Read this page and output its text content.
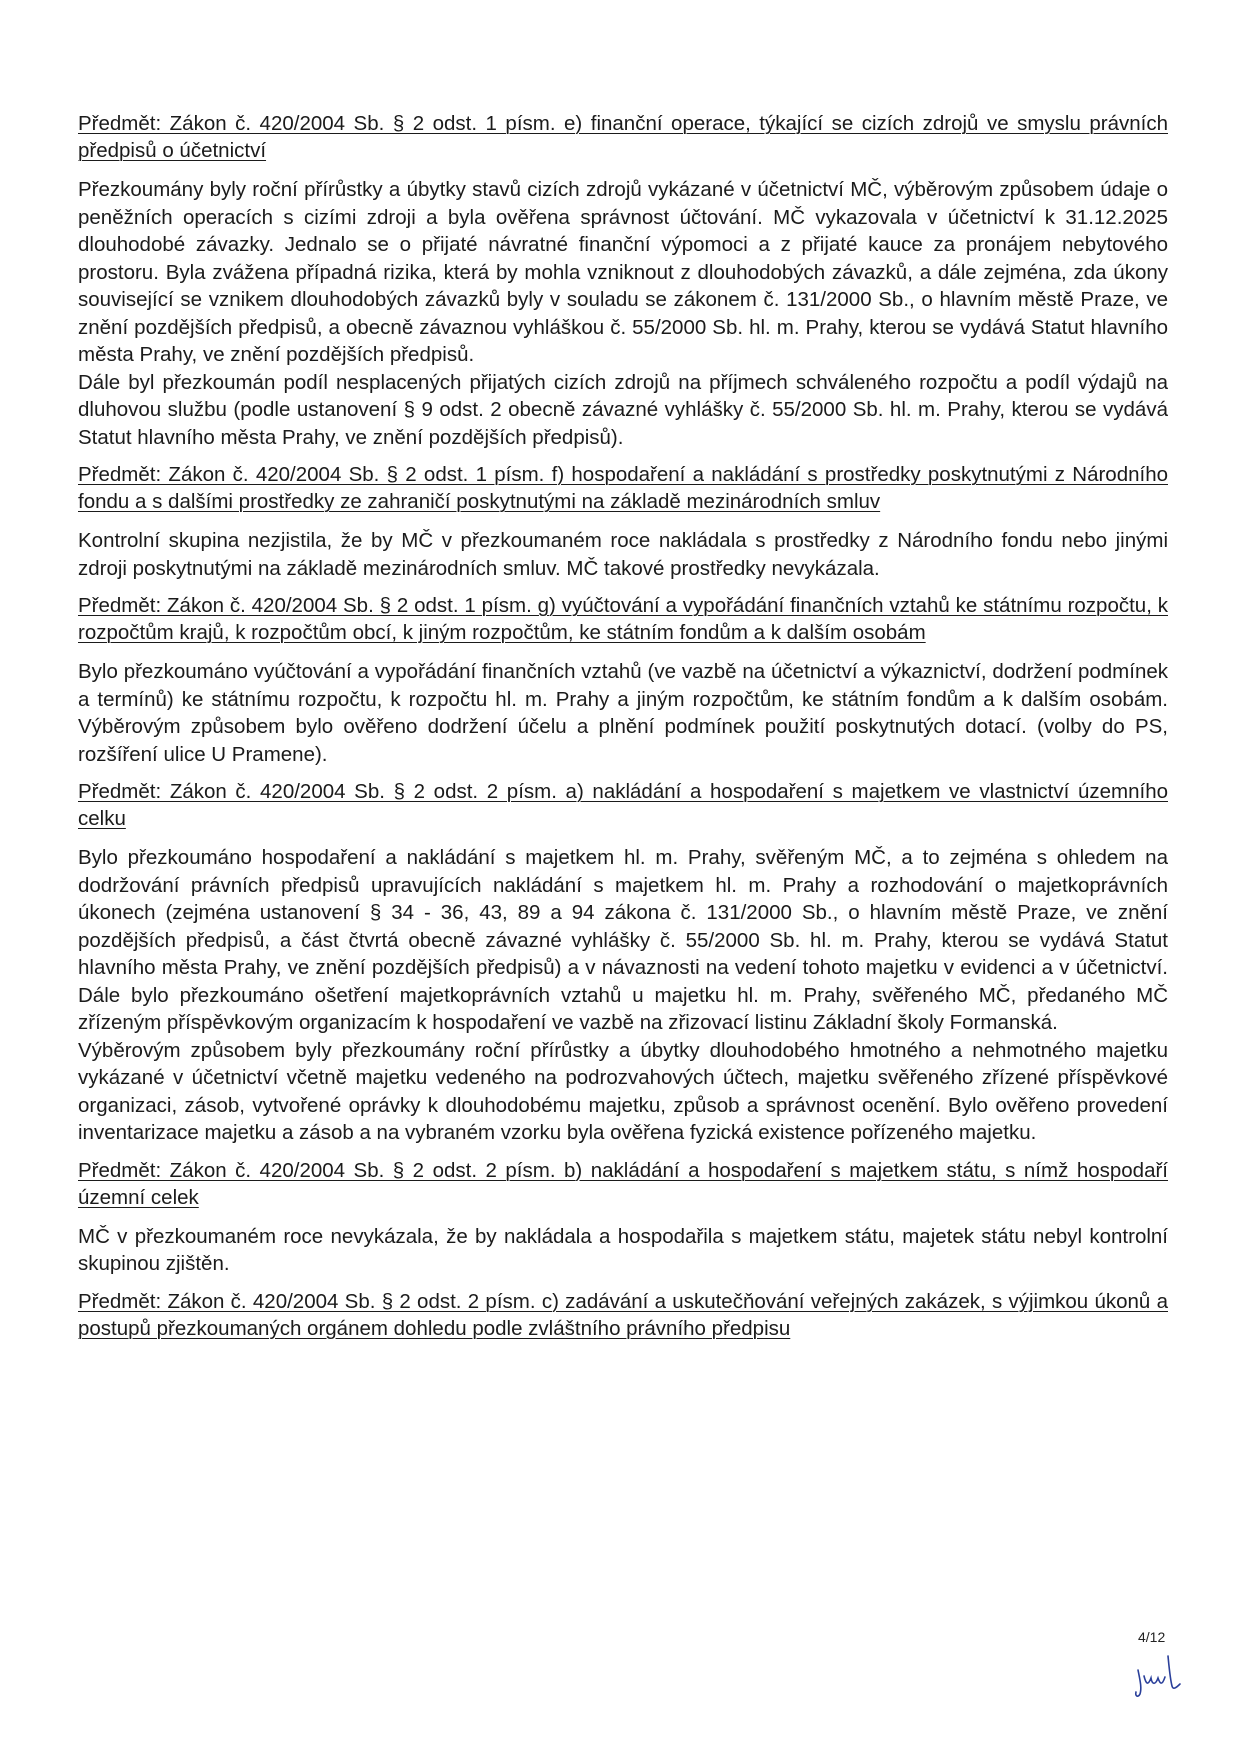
Předmět: Zákon č. 420/2004 Sb. § 2 odst. 1 písm. e) finanční operace, týkající se cizích zdrojů ve smyslu právních předpisů o účetnictví

Přezkoumány byly roční přírůstky a úbytky stavů cizích zdrojů vykázané v účetnictví MČ, výběrovým způsobem údaje o peněžních operacích s cizími zdroji a byla ověřena správnost účtování. MČ vykazovala v účetnictví k 31.12.2025 dlouhodobé závazky. Jednalo se o přijaté návratné finanční výpomoci a z přijaté kauce za pronájem nebytového prostoru. Byla zvážena případná rizika, která by mohla vzniknout z dlouhodobých závazků, a dále zejména, zda úkony související se vznikem dlouhodobých závazků byly v souladu se zákonem č. 131/2000 Sb., o hlavním městě Praze, ve znění pozdějších předpisů, a obecně závaznou vyhláškou č. 55/2000 Sb. hl. m. Prahy, kterou se vydává Statut hlavního města Prahy, ve znění pozdějších předpisů.

Dále byl přezkoumán podíl nesplacených přijatých cizích zdrojů na příjmech schváleného rozpočtu a podíl výdajů na dluhovou službu (podle ustanovení § 9 odst. 2 obecně závazné vyhlášky č. 55/2000 Sb. hl. m. Prahy, kterou se vydává Statut hlavního města Prahy, ve znění pozdějších předpisů).

Předmět: Zákon č. 420/2004 Sb. § 2 odst. 1 písm. f) hospodaření a nakládání s prostředky poskytnutými z Národního fondu a s dalšími prostředky ze zahraničí poskytnutými na základě mezinárodních smluv

Kontrolní skupina nezjistila, že by MČ v přezkoumaném roce nakládala s prostředky z Národního fondu nebo jinými zdroji poskytnutými na základě mezinárodních smluv. MČ takové prostředky nevykázala.

Předmět: Zákon č. 420/2004 Sb. § 2 odst. 1 písm. g) vyúčtování a vypořádání finančních vztahů ke státnímu rozpočtu, k rozpočtům krajů, k rozpočtům obcí, k jiným rozpočtům, ke státním fondům a k dalším osobám

Bylo přezkoumáno vyúčtování a vypořádání finančních vztahů (ve vazbě na účetnictví a výkaznictví, dodržení podmínek a termínů) ke státnímu rozpočtu, k rozpočtu hl. m. Prahy a jiným rozpočtům, ke státním fondům a k dalším osobám. Výběrovým způsobem bylo ověřeno dodržení účelu a plnění podmínek použití poskytnutých dotací. (volby do PS, rozšíření ulice U Pramene).

Předmět: Zákon č. 420/2004 Sb. § 2 odst. 2 písm. a) nakládání a hospodaření s majetkem ve vlastnictví územního celku

Bylo přezkoumáno hospodaření a nakládání s majetkem hl. m. Prahy, svěřeným MČ, a to zejména s ohledem na dodržování právních předpisů upravujících nakládání s majetkem hl. m. Prahy a rozhodování o majetkoprávních úkonech (zejména ustanovení § 34 - 36, 43, 89 a 94 zákona č. 131/2000 Sb., o hlavním městě Praze, ve znění pozdějších předpisů, a část čtvrtá obecně závazné vyhlášky č. 55/2000 Sb. hl. m. Prahy, kterou se vydává Statut hlavního města Prahy, ve znění pozdějších předpisů) a v návaznosti na vedení tohoto majetku v evidenci a v účetnictví. Dále bylo přezkoumáno ošetření majetkoprávních vztahů u majetku hl. m. Prahy, svěřeného MČ, předaného MČ zřízeným příspěvkovým organizacím k hospodaření ve vazbě na zřizovací listinu Základní školy Formanská.

Výběrovým způsobem byly přezkoumány roční přírůstky a úbytky dlouhodobého hmotného a nehmotného majetku vykázané v účetnictví včetně majetku vedeného na podrozvahových účtech, majetku svěřeného zřízené příspěvkové organizaci, zásob, vytvořené oprávky k dlouhodobému majetku, způsob a správnost ocenění. Bylo ověřeno provedení inventarizace majetku a zásob a na vybraném vzorku byla ověřena fyzická existence pořízeného majetku.

Předmět: Zákon č. 420/2004 Sb. § 2 odst. 2 písm. b) nakládání a hospodaření s majetkem státu, s nímž hospodaří územní celek

MČ v přezkoumaném roce nevykázala, že by nakládala a hospodařila s majetkem státu, majetek státu nebyl kontrolní skupinou zjištěn.

Předmět: Zákon č. 420/2004 Sb. § 2 odst. 2 písm. c) zadávání a uskutečňování veřejných zakázek, s výjimkou úkonů a postupů přezkoumaných orgánem dohledu podle zvláštního právního předpisu

4/12
